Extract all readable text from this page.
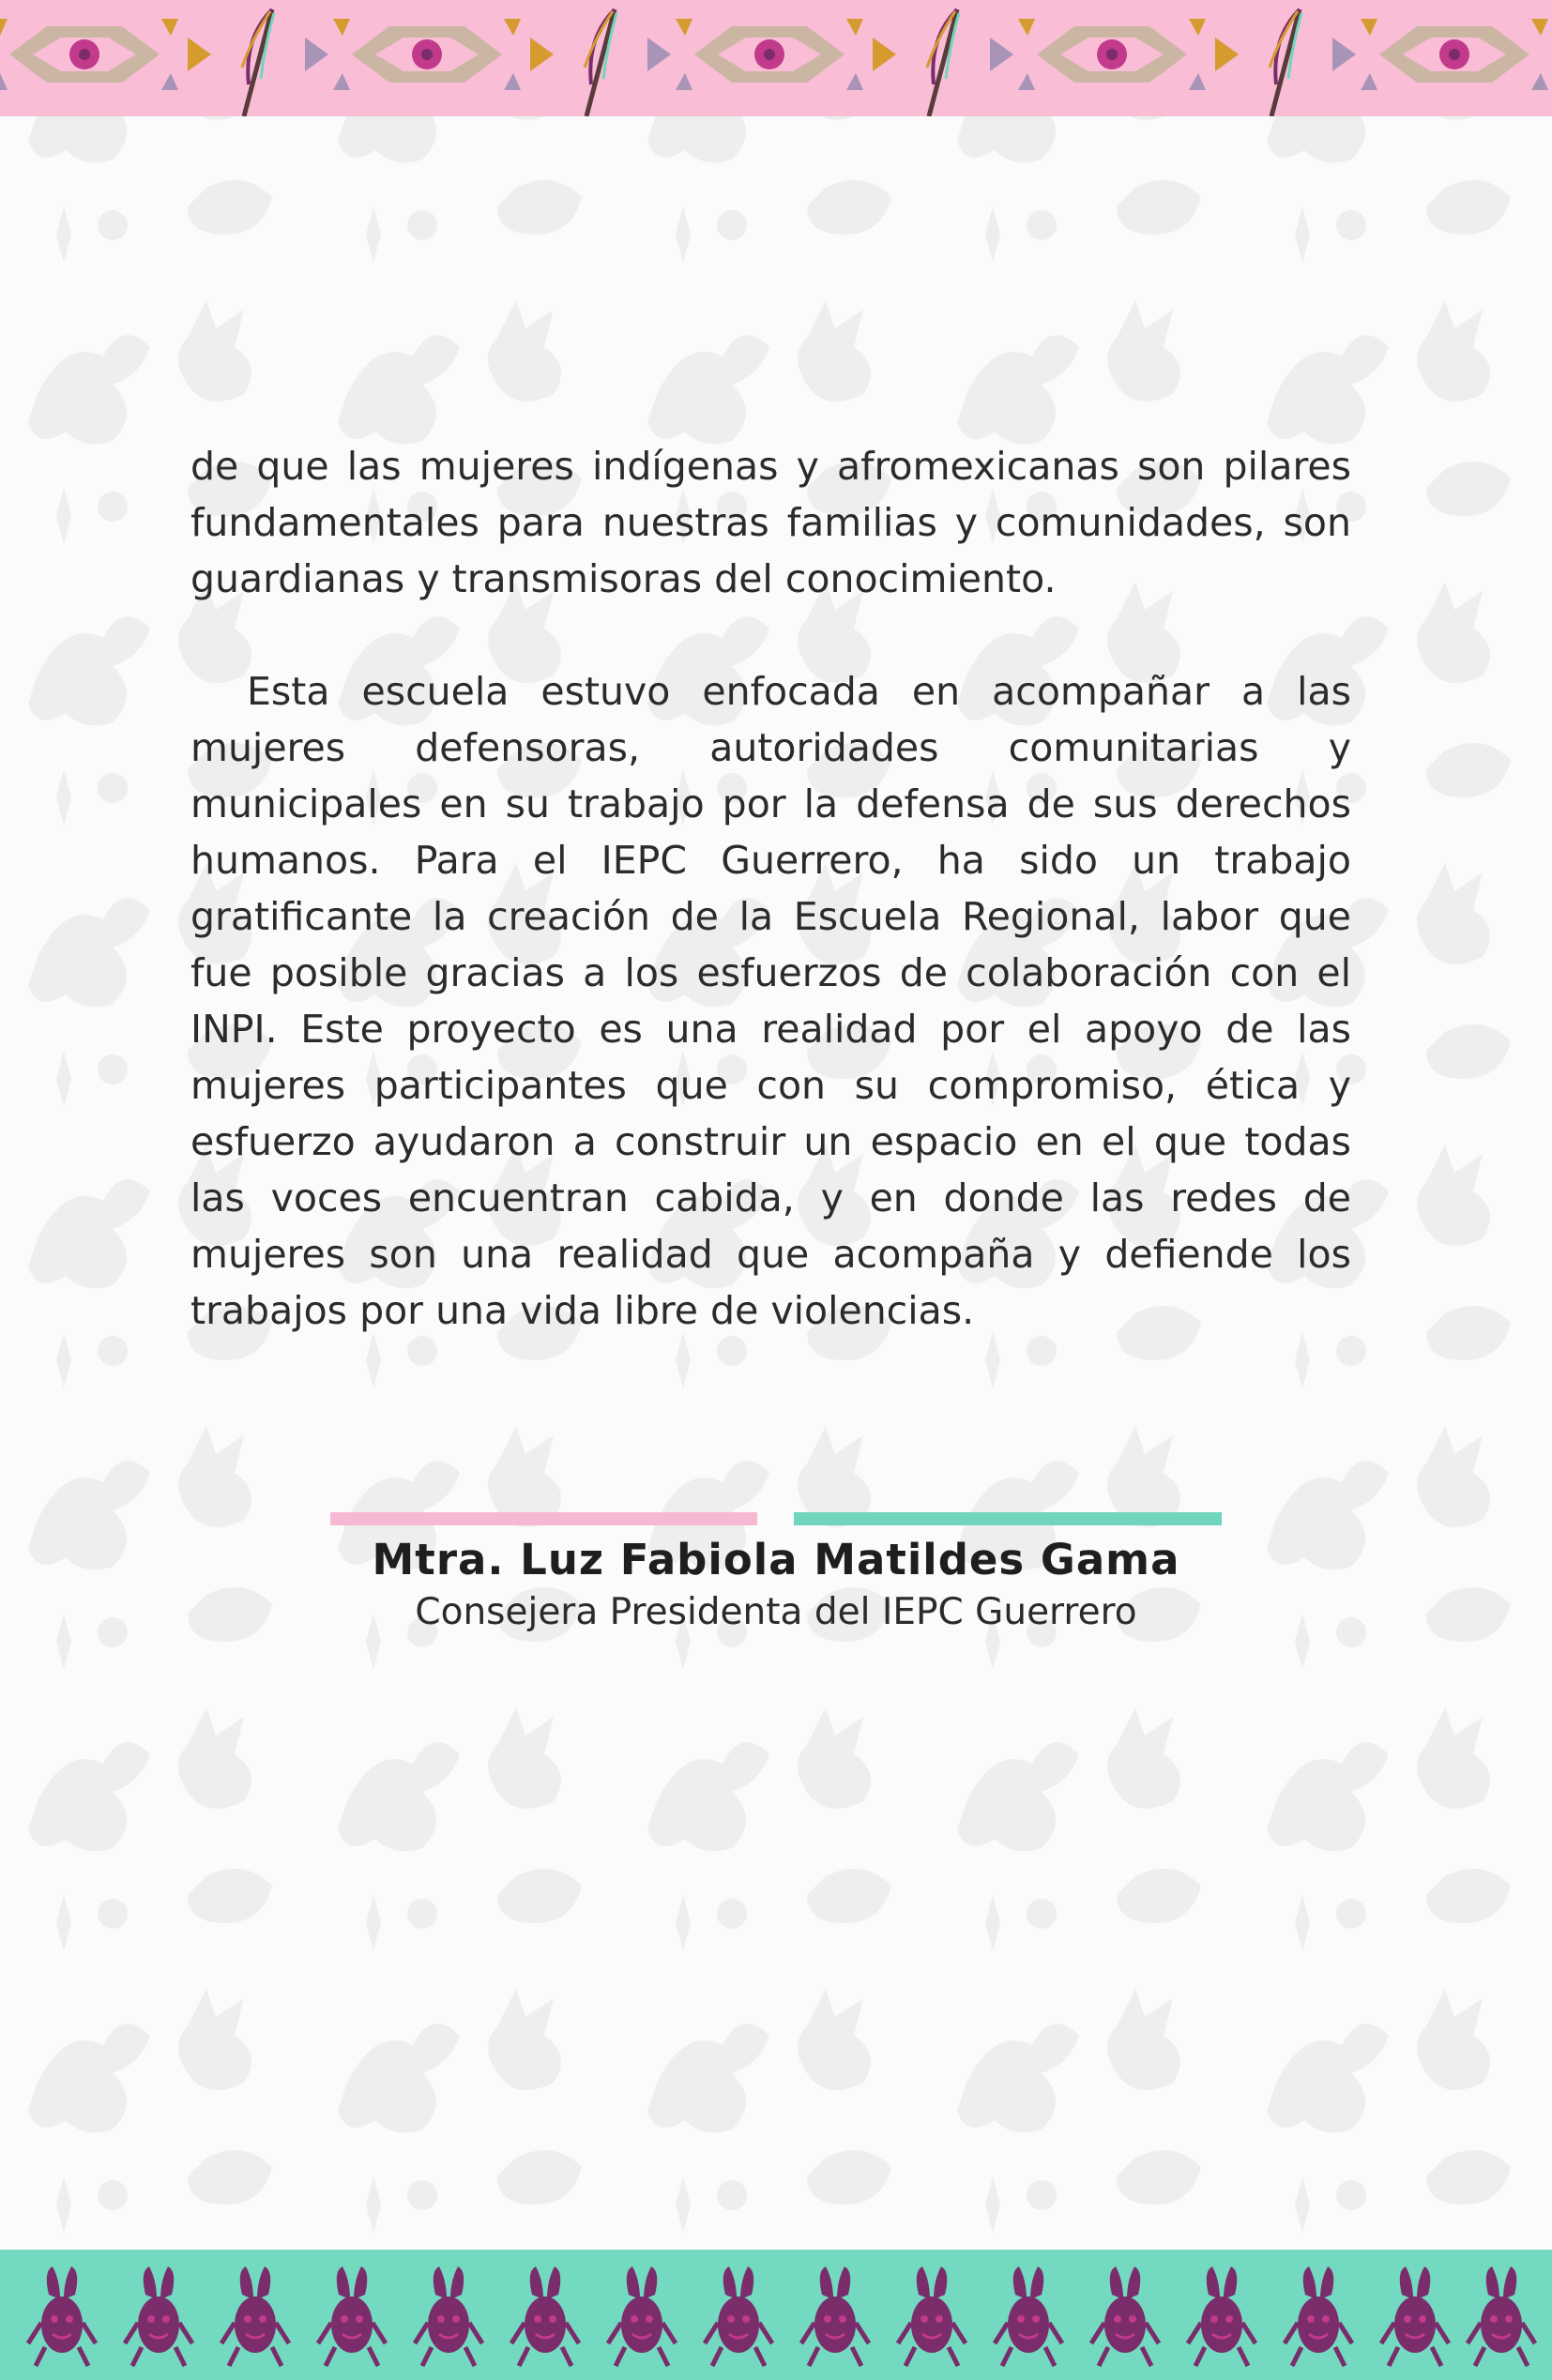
de que las mujeres indígenas y afromexicanas son pilares fundamentales para nuestras familias y comunidades, son guardianas y transmisoras del conocimiento.

Esta escuela estuvo enfocada en acompañar a las mujeres defensoras, autoridades comunitarias y municipales en su trabajo por la defensa de sus derechos humanos. Para el IEPC Guerrero, ha sido un trabajo gratificante la creación de la Escuela Regional, labor que fue posible gracias a los esfuerzos de colaboración con el INPI. Este proyecto es una realidad por el apoyo de las mujeres participantes que con su compromiso, ética y esfuerzo ayudaron a construir un espacio en el que todas las voces encuentran cabida, y en donde las redes de mujeres son una realidad que acompaña y defiende los trabajos por una vida libre de violencias.

Mtra. Luz Fabiola Matildes Gama
Consejera Presidenta del IEPC Guerrero
